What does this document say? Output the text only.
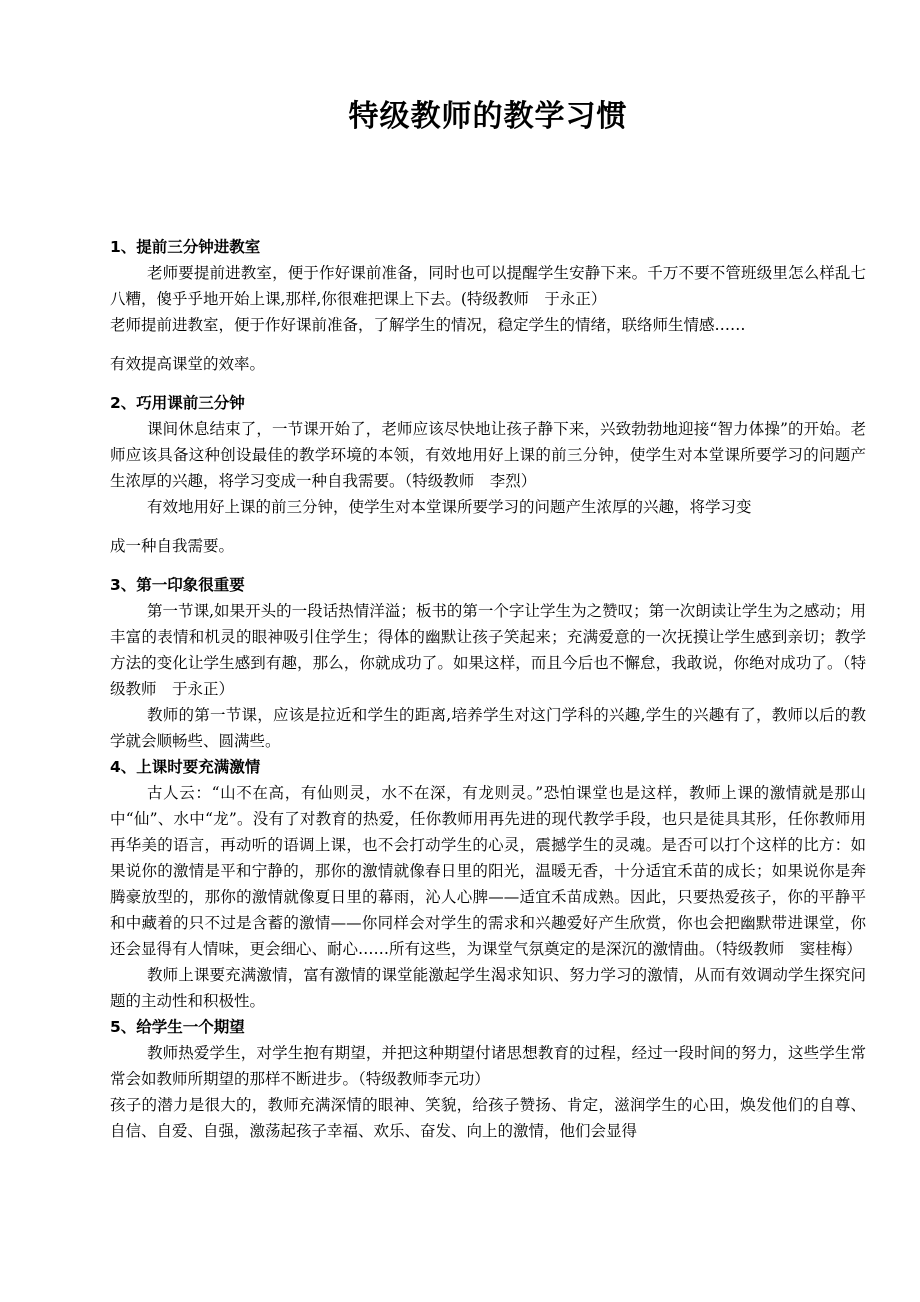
特级教师的教学习惯

1、提前三分钟进教室

老师要提前进教室，便于作好课前准备，同时也可以提醒学生安静下来。千万不要不管班级里怎么样乱七八糟，傻乎乎地开始上课,那样,你很难把课上下去。(特级教师　于永正）

老师提前进教室，便于作好课前准备，了解学生的情况，稳定学生的情绪，联络师生情感……

有效提高课堂的效率。

2、巧用课前三分钟

课间休息结束了，一节课开始了，老师应该尽快地让孩子静下来，兴致勃勃地迎接“智力体操”的开始。老师应该具备这种创设最佳的教学环境的本领，有效地用好上课的前三分钟，使学生对本堂课所要学习的问题产生浓厚的兴趣，将学习变成一种自我需要。（特级教师　李烈）

有效地用好上课的前三分钟，使学生对本堂课所要学习的问题产生浓厚的兴趣，将学习变

成一种自我需要。

3、第一印象很重要

第一节课,如果开头的一段话热情洋溢；板书的第一个字让学生为之赞叹；第一次朗读让学生为之感动；用丰富的表情和机灵的眼神吸引住学生；得体的幽默让孩子笑起来；充满爱意的一次抚摸让学生感到亲切；教学方法的变化让学生感到有趣，那么，你就成功了。如果这样，而且今后也不懈怠，我敢说，你绝对成功了。（特级教师　于永正）

教师的第一节课，应该是拉近和学生的距离,培养学生对这门学科的兴趣,学生的兴趣有了，教师以后的教学就会顺畅些、圆满些。

4、上课时要充满激情

古人云：“山不在高，有仙则灵，水不在深，有龙则灵。”恐怕课堂也是这样，教师上课的激情就是那山中“仙”、水中“龙”。没有了对教育的热爱，任你教师用再先进的现代教学手段，也只是徒具其形，任你教师用再华美的语言，再动听的语调上课，也不会打动学生的心灵，震撼学生的灵魂。是否可以打个这样的比方：如果说你的激情是平和宁静的，那你的激情就像春日里的阳光，温暖无香，十分适宜禾苗的成长；如果说你是奔腾豪放型的，那你的激情就像夏日里的幕雨，沁人心脾——适宜禾苗成熟。因此，只要热爱孩子，你的平静平和中藏着的只不过是含蓄的激情——你同样会对学生的需求和兴趣爱好产生欣赏，你也会把幽默带进课堂，你还会显得有人情味，更会细心、耐心……所有这些，为课堂气氛奠定的是深沉的激情曲。（特级教师　窦桂梅）

教师上课要充满激情，富有激情的课堂能激起学生渴求知识、努力学习的激情，从而有效调动学生探究问题的主动性和积极性。

5、给学生一个期望

教师热爱学生，对学生抱有期望，并把这种期望付诸思想教育的过程，经过一段时间的努力，这些学生常常会如教师所期望的那样不断进步。（特级教师李元功）

孩子的潜力是很大的，教师充满深情的眼神、笑貌，给孩子赞扬、肯定，滋润学生的心田，焕发他们的自尊、自信、自爱、自强，激荡起孩子幸福、欢乐、奋发、向上的激情，他们会显得
